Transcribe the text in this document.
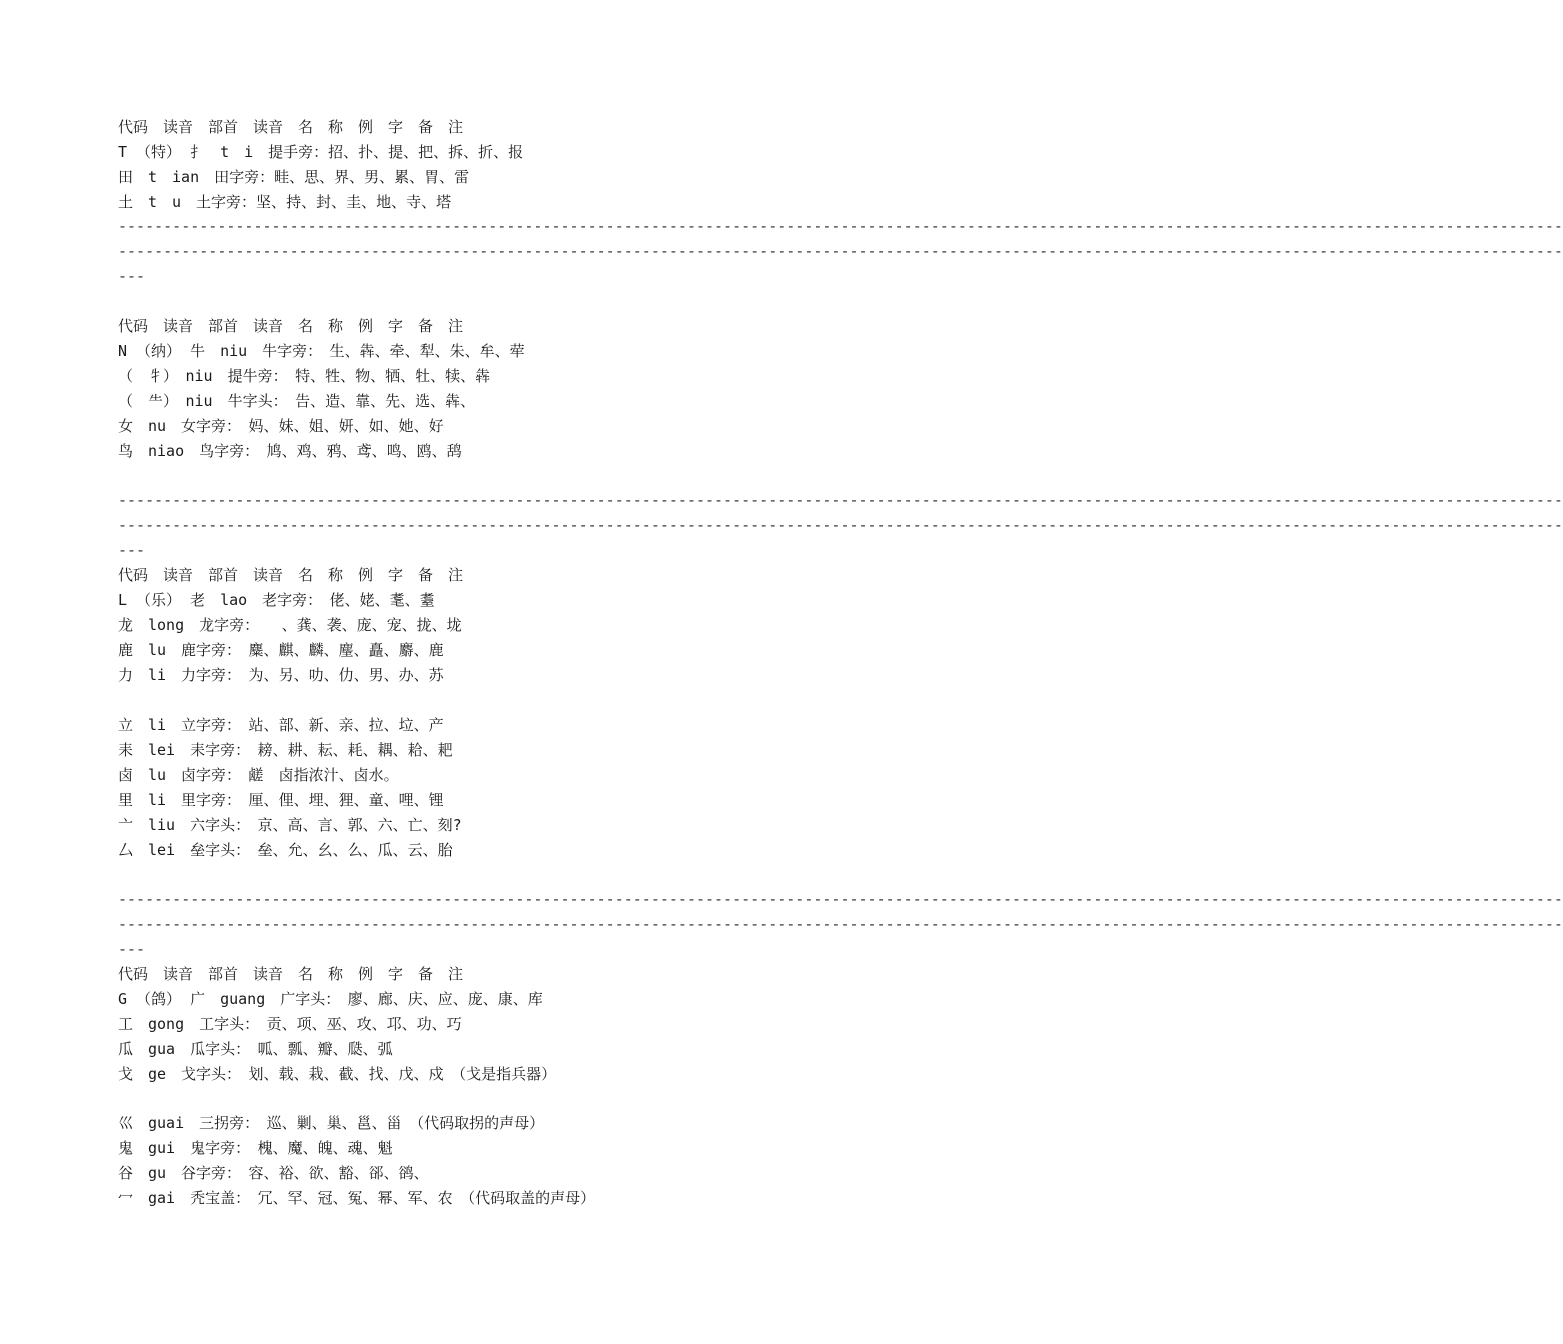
代码　读音　部首　读音　名　称　例　字　备　注
T （特） 扌　t　i　提手旁：招、扑、提、把、拆、折、报
田　t　ian　田字旁：畦、思、界、男、累、胃、雷
土　t　u　土字旁：坚、持、封、圭、地、寺、塔
----------------------------------------------------------------------------------------------------------------------------------------------------------------
----------------------------------------------------------------------------------------------------------------------------------------------------------------
---
代码　读音　部首　读音　名　称　例　字　备　注
N （纳） 牛　niu　牛字旁：　生、犇、牵、犁、朱、牟、荦
（　牜）　niu　提牛旁：　特、牲、物、牺、牡、犊、犇
（　⺧）　niu　牛字头：　告、造、靠、先、选、犇、
女　nu　女字旁：　妈、妹、姐、妍、如、她、好
鸟　niao　鸟字旁：　鸠、鸡、鸦、鸢、鸣、鸥、鸹
----------------------------------------------------------------------------------------------------------------------------------------------------------------
----------------------------------------------------------------------------------------------------------------------------------------------------------------
---
代码　读音　部首　读音　名　称　例　字　备　注
L （乐） 老　lao　老字旁：　佬、姥、耄、耋
龙　long　龙字旁：　　、龚、袭、庞、宠、拢、垅
鹿　lu　鹿字旁：　麋、麒、麟、麈、矗、麝、鹿
力　li　力字旁：　为、另、叻、仂、男、办、苏
立　li　立字旁：　站、部、新、亲、拉、垃、产
耒　lei　耒字旁：　耪、耕、耘、耗、耦、耠、耙
卤　lu　卤字旁：　鹾　卤指浓汁、卤水。
里　li　里字旁：　厘、俚、埋、狸、童、哩、锂
亠　liu　六字头：　京、高、言、郭、六、亡、刻?
厶　lei　垒字头：　垒、允、幺、么、瓜、云、胎
----------------------------------------------------------------------------------------------------------------------------------------------------------------
----------------------------------------------------------------------------------------------------------------------------------------------------------------
---
代码　读音　部首　读音　名　称　例　字　备　注
G （鸽） 广　guang　广字头：　廖、廊、庆、应、庞、康、库
工　gong　工字头：　贡、项、巫、攻、邛、功、巧
瓜　gua　瓜字头：　呱、瓢、瓣、瓞、弧
戈　ge　戈字头：　划、载、栽、截、找、戊、戍　（戈是指兵器）
巛　guai　三拐旁：　巡、剿、巢、邕、甾　（代码取拐的声母）
鬼　gui　鬼字旁：　槐、魔、魄、魂、魁
谷　gu　谷字旁：　容、裕、欲、豁、郤、鹆、
冖　gai　秃宝盖：　冗、罕、冠、冤、幂、军、农　（代码取盖的声母）
